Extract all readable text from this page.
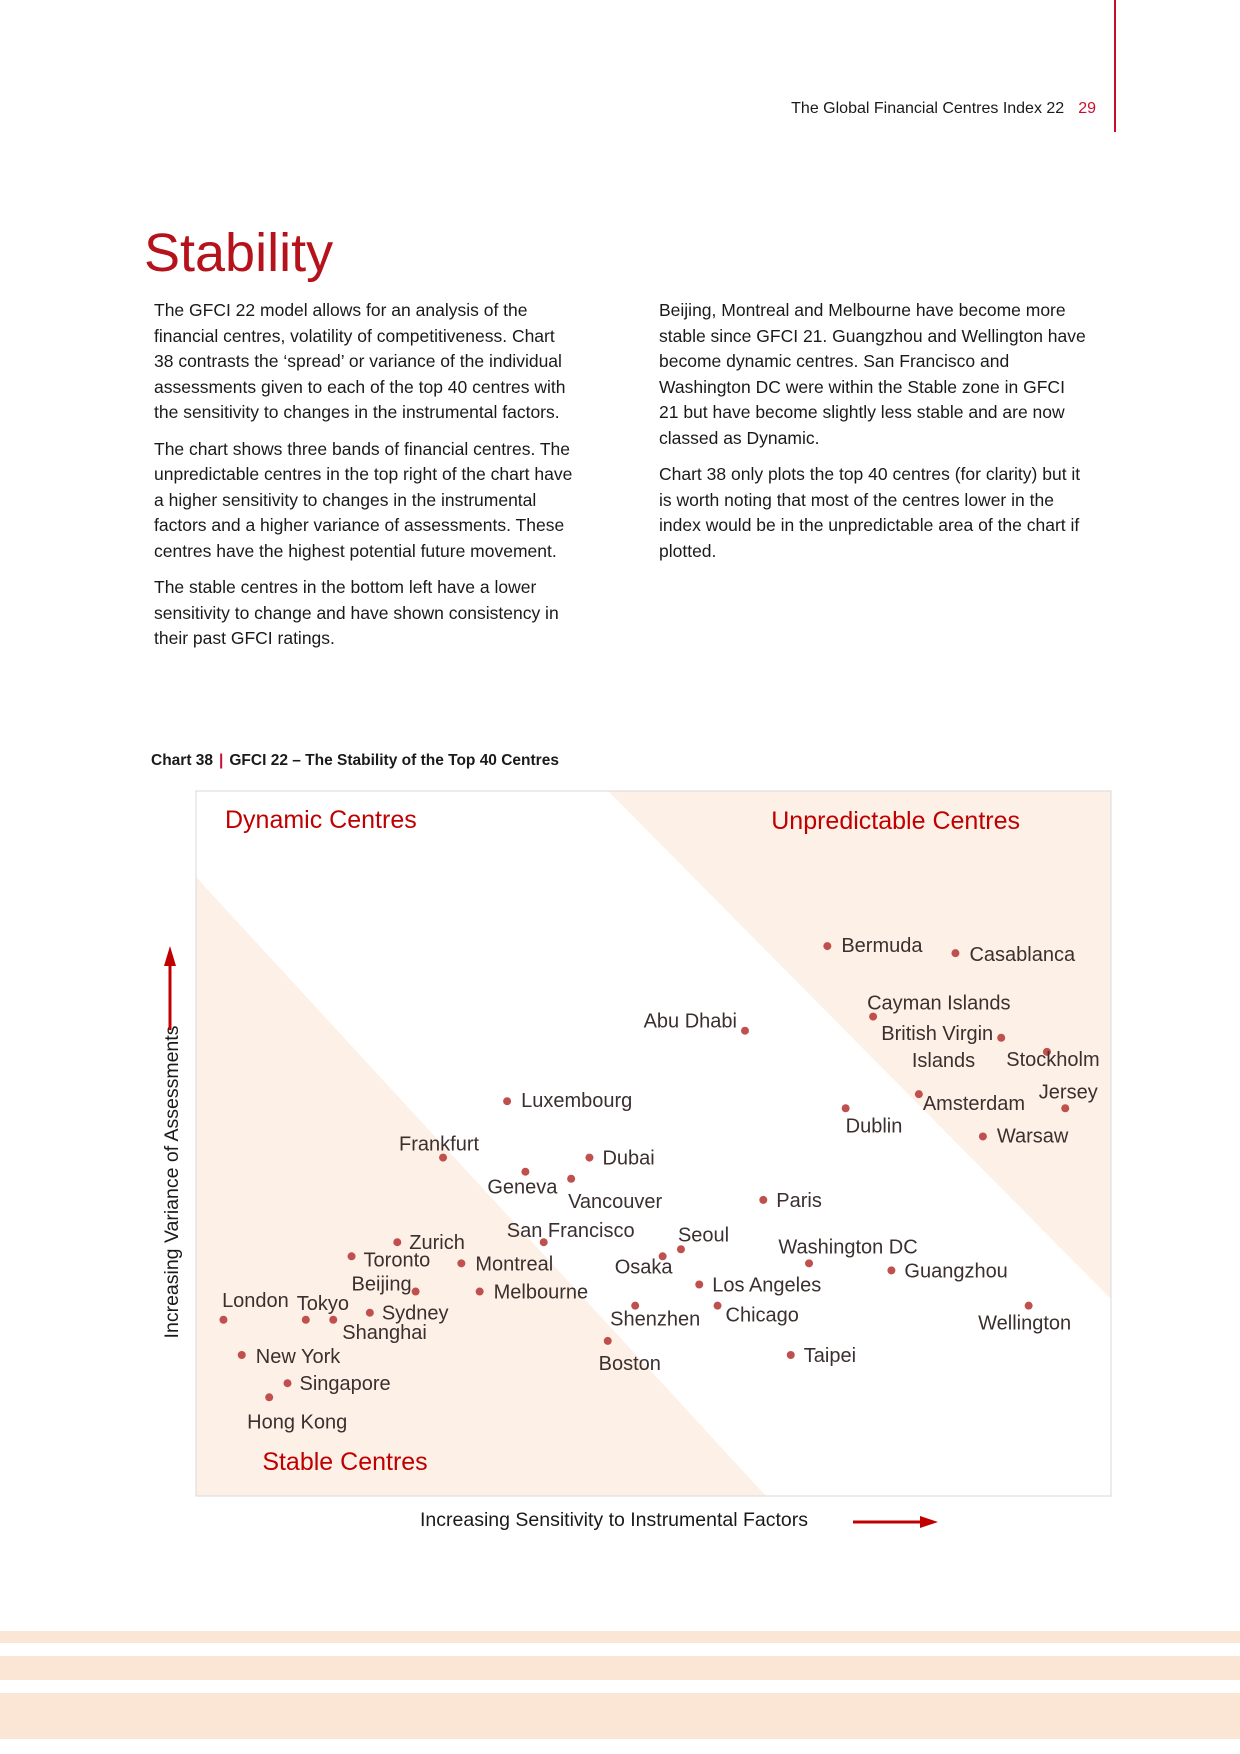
The Global Financial Centres Index 22 29
Stability

The GFCI 22 model allows for an analysis of the financial centres, volatility of competitiveness. Chart 38 contrasts the ‘spread’ or variance of the individual assessments given to each of the top 40 centres with the sensitivity to changes in the instrumental factors.

The chart shows three bands of financial centres. The unpredictable centres in the top right of the chart have a higher sensitivity to changes in the instrumental factors and a higher variance of assessments. These centres have the highest potential future movement.

The stable centres in the bottom left have a lower sensitivity to change and have shown consistency in their past GFCI ratings.

Beijing, Montreal and Melbourne have become more stable since GFCI 21. Guangzhou and Wellington have become dynamic centres. San Francisco and Washington DC were within the Stable zone in GFCI 21 but have become slightly less stable and are now classed as Dynamic.

Chart 38 only plots the top 40 centres (for clarity) but it is worth noting that most of the centres lower in the index would be in the unpredictable area of the chart if plotted.

Chart 38 | GFCI 22 – The Stability of the Top 40 Centres
Dynamic Centres	Unpredictable Centres
Stable Centres
Bermuda Casablanca
Cayman Islands
British Virgin Islands	Stockholm
Abu Dhabi
Amsterdam
Jersey
Dublin	Warsaw
Luxembourg
Frankfurt
Dubai
Geneva
Vancouver	Paris
Seoul
San Francisco
Zurich
Toronto Montreal	Osaka
Washington DC
Guangzhou
Beijing	Melbourne	Los Angeles
Shenzhen Chicago	Wellington
Sydney
London Tokyo
Shanghai
Boston
New York	Taipei
Singapore
Hong Kong
Increasing Sensitivity to Instrumental Factors
Increasing Variance of Assessments
